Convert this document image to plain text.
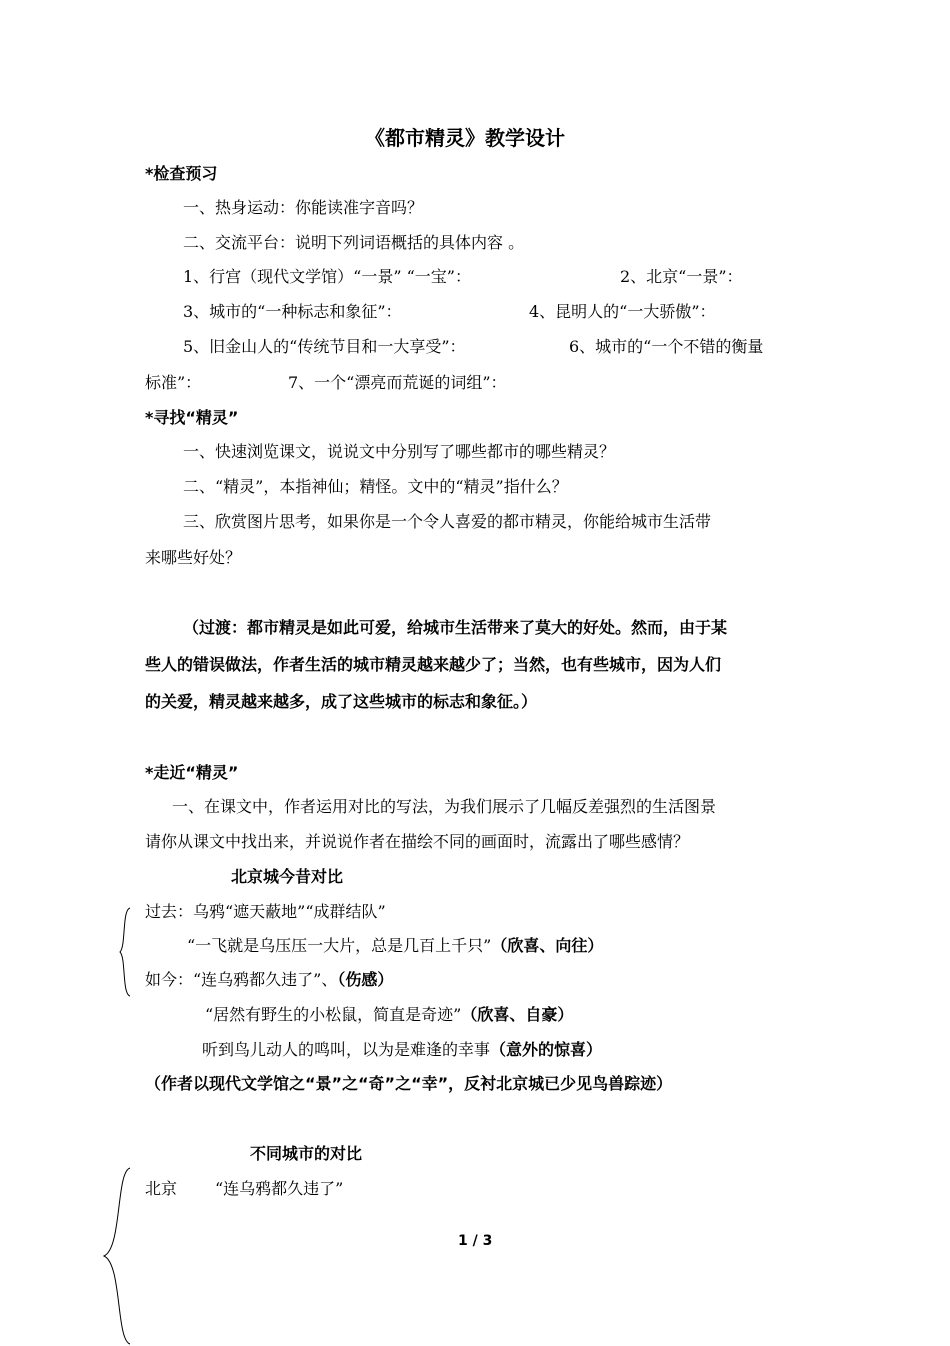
《都市精灵》教学设计
*检查预习
一、热身运动：你能读准字音吗？
二、交流平台：说明下列词语概括的具体内容 。
1、行宫（现代文学馆）“一景” “一宝”：	2、北京“一景”：
3、城市的“一种标志和象征”：	4、昆明人的“一大骄傲”：
5、旧金山人的“传统节目和一大享受”：	6、城市的“一个不错的衡量
标准”：	7、一个“漂亮而荒诞的词组”：
*寻找“精灵”
一、快速浏览课文，说说文中分别写了哪些都市的哪些精灵？
二、“精灵”，本指神仙；精怪。文中的“精灵”指什么？
三、欣赏图片思考，如果你是一个令人喜爱的都市精灵，你能给城市生活带
来哪些好处？
（过渡：都市精灵是如此可爱，给城市生活带来了莫大的好处。然而，由于某
些人的错误做法，作者生活的城市精灵越来越少了；当然，也有些城市，因为人们
的关爱，精灵越来越多，成了这些城市的标志和象征。）
*走近“精灵”
一、在课文中，作者运用对比的写法，为我们展示了几幅反差强烈的生活图景
请你从课文中找出来，并说说作者在描绘不同的画面时，流露出了哪些感情？
北京城今昔对比
过去：乌鸦“遮天蔽地”“成群结队”
“一飞就是乌压压一大片，总是几百上千只”（欣喜、向往）
如今：“连乌鸦都久违了”、（伤感）
“居然有野生的小松鼠，简直是奇迹”（欣喜、自豪）
听到鸟儿动人的鸣叫，以为是难逢的幸事（意外的惊喜）
（作者以现代文学馆之“景”之“奇”之“幸”，反衬北京城已少见鸟兽踪迹）
不同城市的对比
北京 “连乌鸦都久违了”
1 / 3
